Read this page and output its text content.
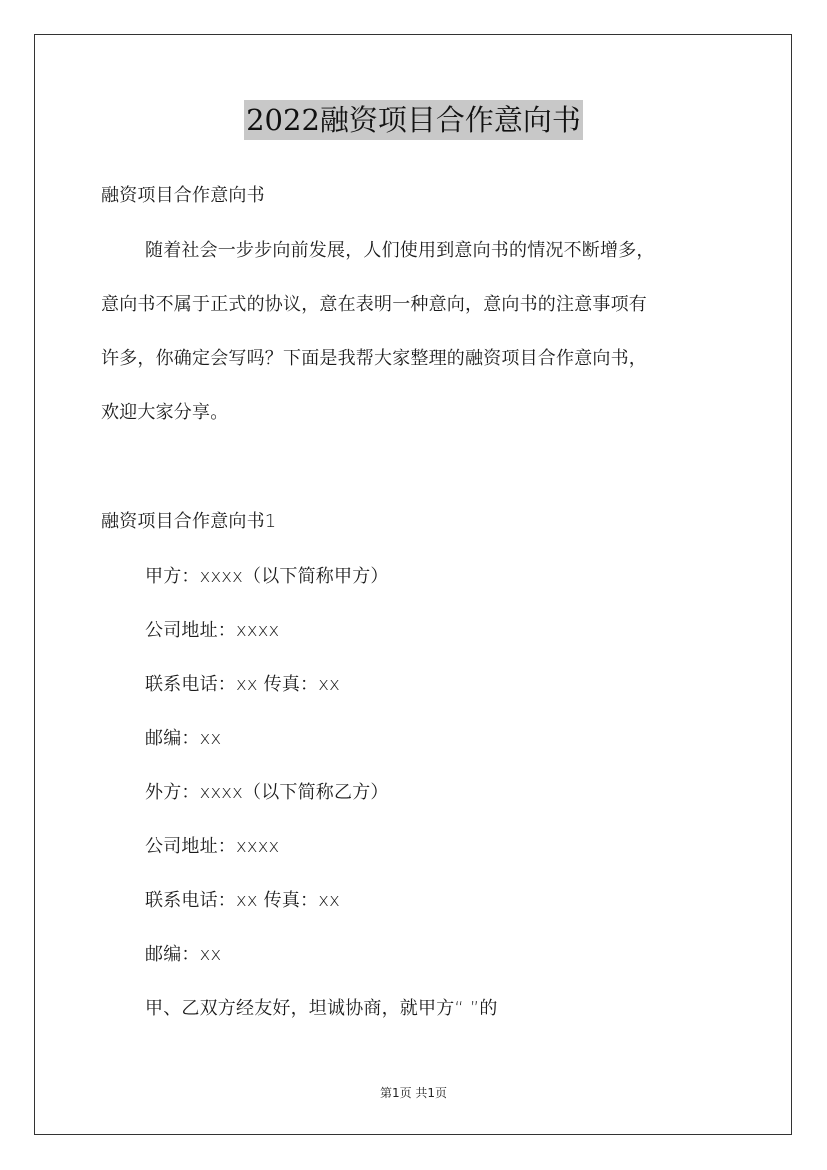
2022融资项目合作意向书
融资项目合作意向书
随着社会一步步向前发展，人们使用到意向书的情况不断增多，
意向书不属于正式的协议，意在表明一种意向，意向书的注意事项有
许多，你确定会写吗？下面是我帮大家整理的融资项目合作意向书，
欢迎大家分享。
融资项目合作意向书1
甲方：xxxx（以下简称甲方）
公司地址：xxxx
联系电话：xx 传真：xx
邮编：xx
外方：xxxx（以下简称乙方）
公司地址：xxxx
联系电话：xx 传真：xx
邮编：xx
甲、乙双方经友好，坦诚协商，就甲方“ ”的
第1页 共1页
